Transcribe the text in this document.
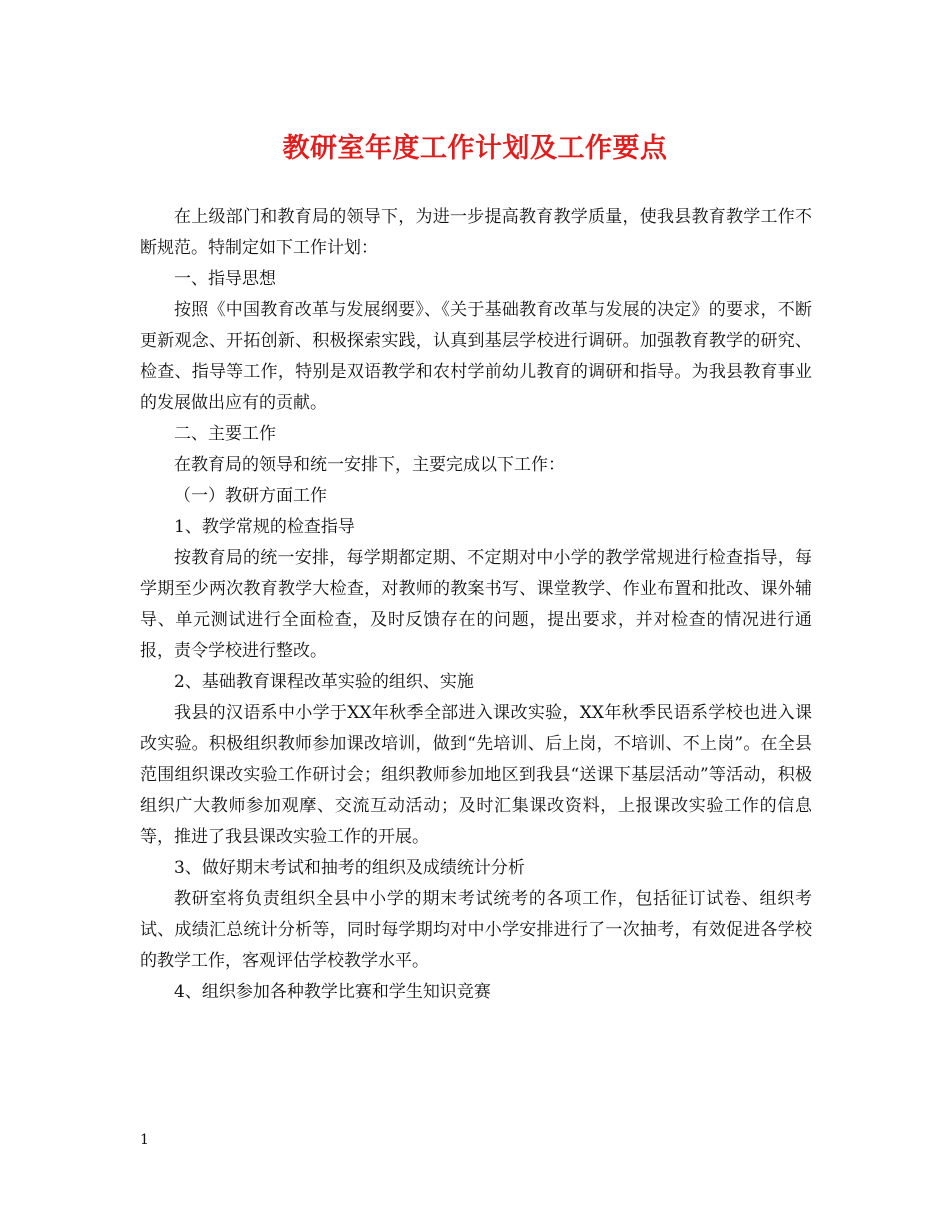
教研室年度工作计划及工作要点

在上级部门和教育局的领导下，为进一步提高教育教学质量，使我县教育教学工作不断规范。特制定如下工作计划：

一、指导思想

按照《中国教育改革与发展纲要》、《关于基础教育改革与发展的决定》的要求，不断更新观念、开拓创新、积极探索实践，认真到基层学校进行调研。加强教育教学的研究、检查、指导等工作，特别是双语教学和农村学前幼儿教育的调研和指导。为我县教育事业的发展做出应有的贡献。

二、主要工作

在教育局的领导和统一安排下，主要完成以下工作：

（一）教研方面工作

1、教学常规的检查指导

按教育局的统一安排，每学期都定期、不定期对中小学的教学常规进行检查指导，每学期至少两次教育教学大检查，对教师的教案书写、课堂教学、作业布置和批改、课外辅导、单元测试进行全面检查，及时反馈存在的问题，提出要求，并对检查的情况进行通报，责令学校进行整改。

2、基础教育课程改革实验的组织、实施

我县的汉语系中小学于XX年秋季全部进入课改实验，XX年秋季民语系学校也进入课改实验。积极组织教师参加课改培训，做到“先培训、后上岗，不培训、不上岗”。在全县范围组织课改实验工作研讨会；组织教师参加地区到我县“送课下基层活动”等活动，积极组织广大教师参加观摩、交流互动活动；及时汇集课改资料，上报课改实验工作的信息等，推进了我县课改实验工作的开展。

3、做好期末考试和抽考的组织及成绩统计分析

教研室将负责组织全县中小学的期末考试统考的各项工作，包括征订试卷、组织考试、成绩汇总统计分析等，同时每学期均对中小学安排进行了一次抽考，有效促进各学校的教学工作，客观评估学校教学水平。

4、组织参加各种教学比赛和学生知识竞赛

1
